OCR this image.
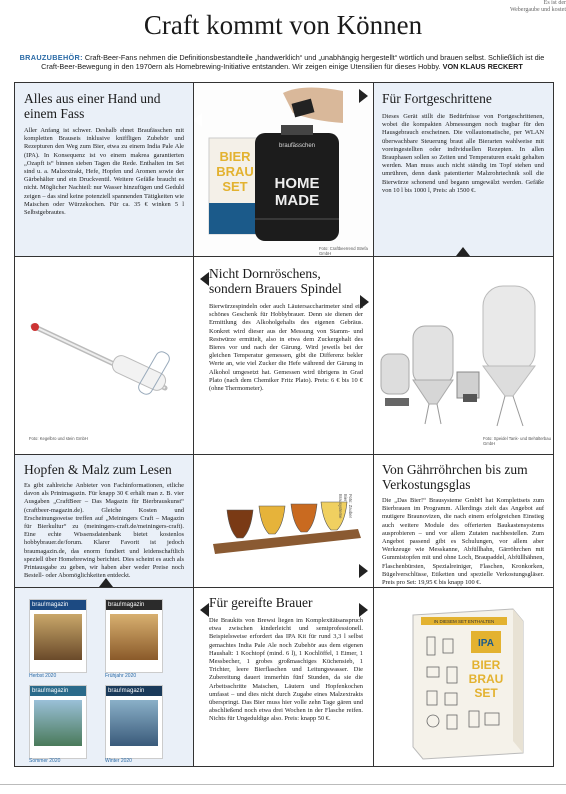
Es ist der
Webergaube und kostet
Craft kommt von Können
BRAUZUBEHÖR: Craft-Beer-Fans nehmen die Definitionsbestandteile „handwerklich“ und „unabhängig hergestellt“ wörtlich und brauen selbst. Schließlich ist die Craft-Beer-Bewegung in den 1970ern als Homebrewing-Initiative entstanden. Wir zeigen einige Utensilien für dieses Hobby. VON KLAUS RECKERT
Alles aus einer Hand und einem Fass

Aller Anfang ist schwer. Deshalb ehnet Braufässchen mit kompletten Brauseis inklusive kniffligen Zubehör und Rezepturen den Weg zum Bier, etwa zu einem India Pale Ale (IPA). In Konsequenz ist vo einem makrea garantierten „Ozapft is“ binnen sieben Tagen die Rede. Enthalten im Set sind u. a. Malzextrakt, Hefe, Hopfen und Aromen sowie der Gärbehälter und ein Druckventil. Weitere Gefäße braucht es nicht. Möglicher Nachteil: nur Wasser hinzufügen und Geduld zeigen – das sind keine potenziell spannenden Tätigkeiten wie Maischen oder Würzekochen. Für ca. 35 € winken 5 l Selbstgebrautes.

BIER
BRAU
SET
braufässchen
HOME
MADE
Foto: Craftbeerrend Strefa GmbH
Für Fortgeschrittene

Dieses Gerät stillt die Bedürfnisse von Fortgeschrittenen, wobei die kompakten Abmessungen noch tragbar für den Hausgebrauch erscheinen. Die vollautomatische, per WLAN überwachbare Steuerung braut alle Bierarten wahlweise mit voreingestellten oder individuellen Rezepten. In allen Brauphasen sollen so Zeiten und Temperaturen exakt gehalten werden. Man muss auch nicht ständig im Topf stehen und umrühren, denn dank patentierter Malzrohrtechnik soll die Bierwürze schonend und begann umgewälzt werden. Gefäße von 10 l bis 1000 l, Preis: ab 1500 €.

Foto: Kegelbro und stein GmbH
Nicht Dornröschens, sondern Brauers Spindel

Bierwürzespindeln oder auch Läutersaccharimeter sind ein schönes Geschenk für Hobbybrauer. Denn sie dienen der Ermittlung des Alkoholgehalts des eigenen Gebräus. Konkret wird dieser aus der Messung von Stamm- und Restwürze ermittelt, also in etwa dem Zuckergehalt des Bieres vor und nach der Gärung. Wird jeweils bei der gleichen Temperatur gemessen, gibt die Differenz bekler Werte an, wie viel Zucker die Hefe während der Gärung in Alkohol umgesetzt hat. Gemessen wird übrigens in Grad Plato (nach dem Chemiker Fritz Plato). Preis: 6 € bis 10 € (ohne Thermometer).

Foto: Speidel Tank- und Behälterbau GmbH
Hopfen & Malz zum Lesen

Es gibt zahlreiche Anbieter von Fachinformationen, etliche davon als Printmagazin. Für knapp 30 € erhält man z. B. vier Ausgaben „CraftBeer – Das Magazin für Bierbrauskunst“ (craftbeer-magazin.de). Gleiche Kosten und Erscheinungsweise treffen auf „Meiningers Craft – Magazin für Bierkultur“ zu (meiningers-craft.de/meiningers-craft). Eine echte Wissensdatenbank bietet kostenlos hobbybrauer.de/forum. Klarer Favorit ist jedoch braumagazin.de, das enorm fundiert und leidenschaftlich speziell über Homebrewing berichtet. Dies scheint es auch als Printausgabe zu geben, wir haben aber weder Preise noch Bestell- oder Abomöglichkeiten entdeckt.

Foto: Zauber Bier Brausysteme
Von Gährröhrchen bis zum Verkostungsglas

Die „Das Bier!“ Brausysteme GmbH hat Komplettsets zum Bierbrauen im Programm. Allerdings zielt das Angebot auf mutigere Braunovizen, die nach einem erfolgreichen Einstieg auch weitere Module des offerierten Baukastensystems ausprobieren – und vor allem Zutaten nachbestellen. Zum Angebot passend gibt es Schulungen, vor allem aber Werkzeuge wie Messkanne, Abfüllhahn, Gärröhrchen mit Gummistopfen mit und ohne Loch, Braupaddel, Abfüllhähnen, Flaschenbürsten, Spezialreiniger, Flaschen, Kronkorken, Bügelverschlüsse, Etiketten und spezielle Verkostungsgläser. Preis pro Set: 19,95 € bis knapp 100 €.

brau!magazin
Herbst 2020
brau!magazin
Frühjahr 2020
brau!magazin
Sommer 2020
brau!magazin
Winter 2020
Für gereifte Brauer

Die Braukits von Brewsi liegen im Komplexitätsanspruch etwa zwischen kinderleicht und semiprofessionell. Beispielsweise erfordert das IPA Kit für rund 3,3 l selbst gemachtes India Pale Ale noch Zubehör aus dem eigenen Haushalt: 1 Kochtopf (mind. 6 l), 1 Kochlöffel, 1 Eimer, 1 Messbecher, 1 grobes großmaschiges Küchensieb, 1 Trichter, leere Bierflaschen und Leitungswasser. Die Zubereitung dauert immerhin fünf Stunden, da sie die Arbeitsschritte Maischen, Läutern und Hopfenkochen umfasst – und dies nicht durch Zugabe eines Malzextrakts überspringt. Das Bier muss hier volle zehn Tage gären und abschließend noch etwa drei Wochen in der Flasche reifen. Nichts für Ungeduldige also. Preis: knapp 50 €.

IN DIESEM SET ENTHALTEN
IPA
BIER
BRAU
SET
